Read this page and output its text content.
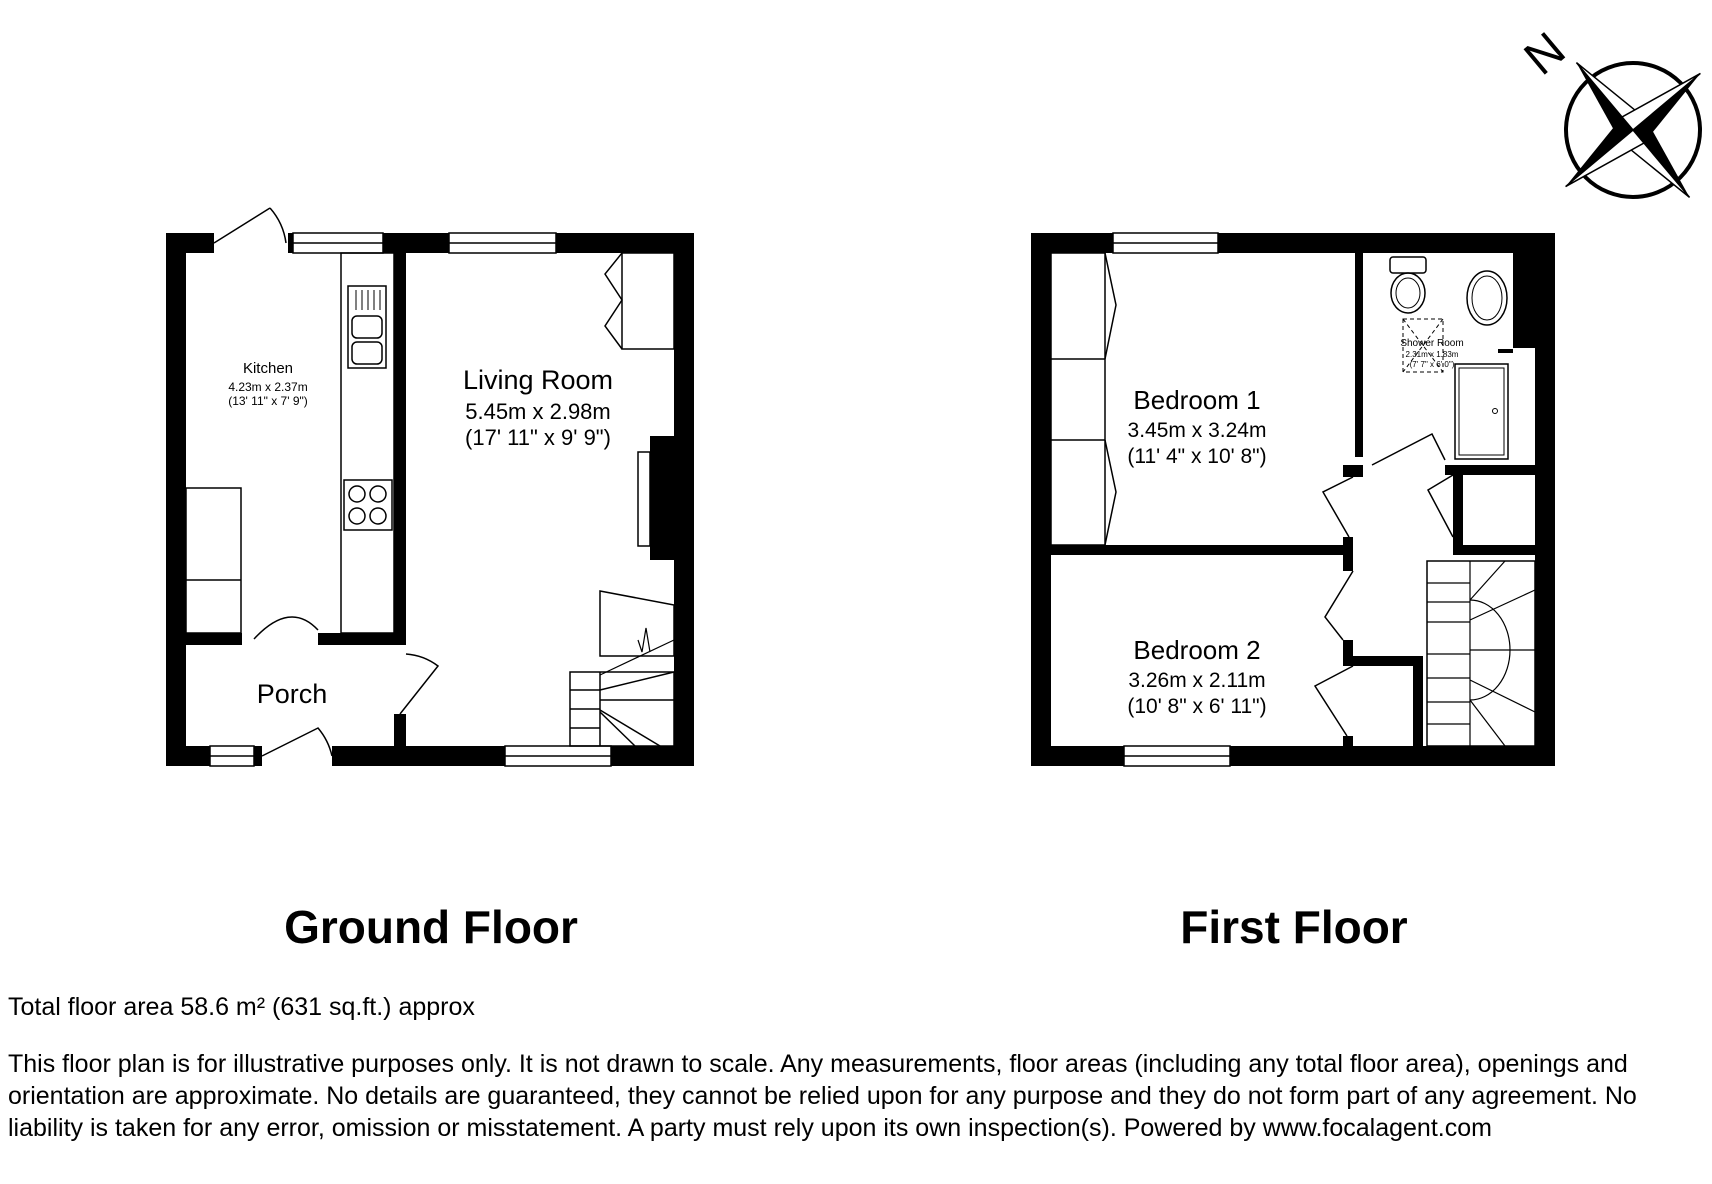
N
Kitchen
4.23m x 2.37m
(13' 11" x 7' 9")
Living Room
5.45m x 2.98m
(17' 11" x 9' 9")
Porch
Bedroom 1
3.45m x 3.24m
(11' 4" x 10' 8")
Bedroom 2
3.26m x 2.11m
(10' 8" x 6' 11")
Shower Room
2.31m x 1.83m
(7' 7" x 6' 0")
Ground Floor	First Floor
Total floor area 58.6 m² (631 sq.ft.) approx
This floor plan is for illustrative purposes only. It is not drawn to scale. Any measurements, floor areas (including any total floor area), openings and orientation are approximate. No details are guaranteed, they cannot be relied upon for any purpose and they do not form part of any agreement. No liability is taken for any error, omission or misstatement. A party must rely upon its own inspection(s). Powered by www.focalagent.com
